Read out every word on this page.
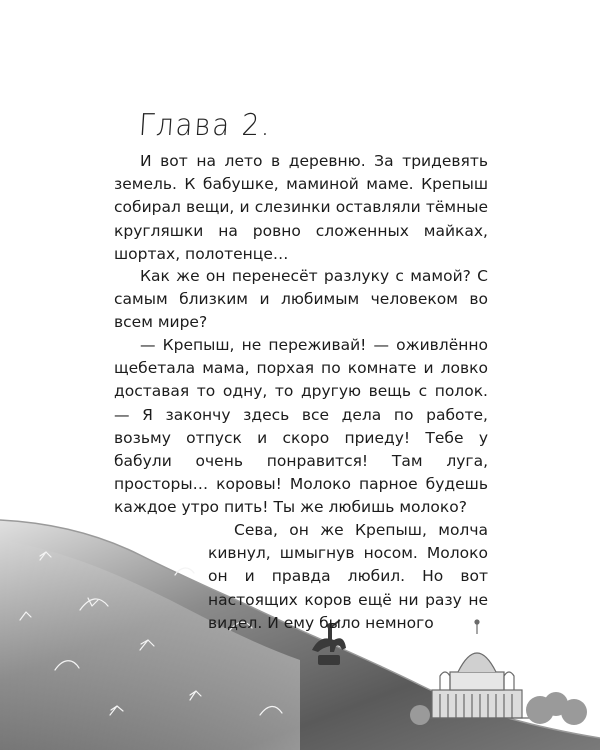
Глава 2.

И вот на лето в деревню. За тридевять земель. К бабушке, маминой маме. Крепыш собирал вещи, и слезинки оставляли тёмные кругляшки на ровно сложенных майках, шортах, полотенце…

Как же он перенесёт разлуку с мамой? С самым близким и любимым человеком во всем мире?

— Крепыш, не переживай! — оживлённо щебетала мама, порхая по комнате и ловко доставая то одну, то другую вещь с полок. — Я закончу здесь все дела по работе, возьму отпуск и скоро приеду! Тебе у бабули очень понравится! Там луга, просторы… коровы! Молоко парное будешь каждое утро пить! Ты же любишь молоко?

Сева, он же Крепыш, молча кивнул, шмыгнув носом. Молоко он и правда любил. Но вот настоящих коров ещё ни разу не видел. И ему было немного
